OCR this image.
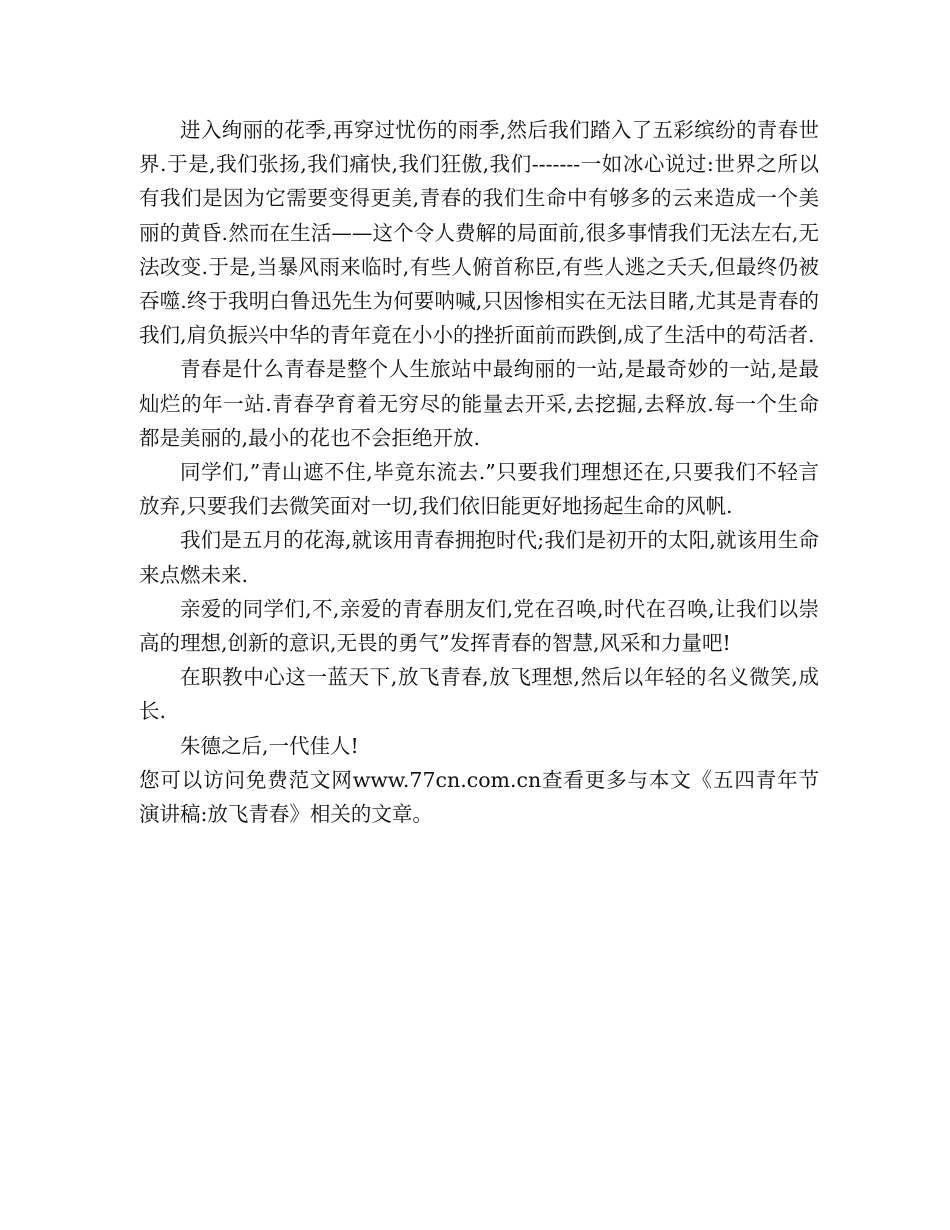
进入绚丽的花季,再穿过忧伤的雨季,然后我们踏入了五彩缤纷的青春世界.于是,我们张扬,我们痛快,我们狂傲,我们-------一如冰心说过:世界之所以有我们是因为它需要变得更美,青春的我们生命中有够多的云来造成一个美丽的黄昏.然而在生活——这个令人费解的局面前,很多事情我们无法左右,无法改变.于是,当暴风雨来临时,有些人俯首称臣,有些人逃之夭夭,但最终仍被吞噬.终于我明白鲁迅先生为何要呐喊,只因惨相实在无法目睹,尤其是青春的我们,肩负振兴中华的青年竟在小小的挫折面前而跌倒,成了生活中的苟活者.

青春是什么青春是整个人生旅站中最绚丽的一站,是最奇妙的一站,是最灿烂的年一站.青春孕育着无穷尽的能量去开采,去挖掘,去释放.每一个生命都是美丽的,最小的花也不会拒绝开放.

同学们,”青山遮不住,毕竟东流去.”只要我们理想还在,只要我们不轻言放弃,只要我们去微笑面对一切,我们依旧能更好地扬起生命的风帆.

我们是五月的花海,就该用青春拥抱时代;我们是初开的太阳,就该用生命来点燃未来.

亲爱的同学们,不,亲爱的青春朋友们,党在召唤,时代在召唤,让我们以崇高的理想,创新的意识,无畏的勇气”发挥青春的智慧,风采和力量吧!

在职教中心这一蓝天下,放飞青春,放飞理想,然后以年轻的名义微笑,成长.

朱德之后,一代佳人!

您可以访问免费范文网www.77cn.com.cn查看更多与本文《五四青年节演讲稿:放飞青春》相关的文章。
